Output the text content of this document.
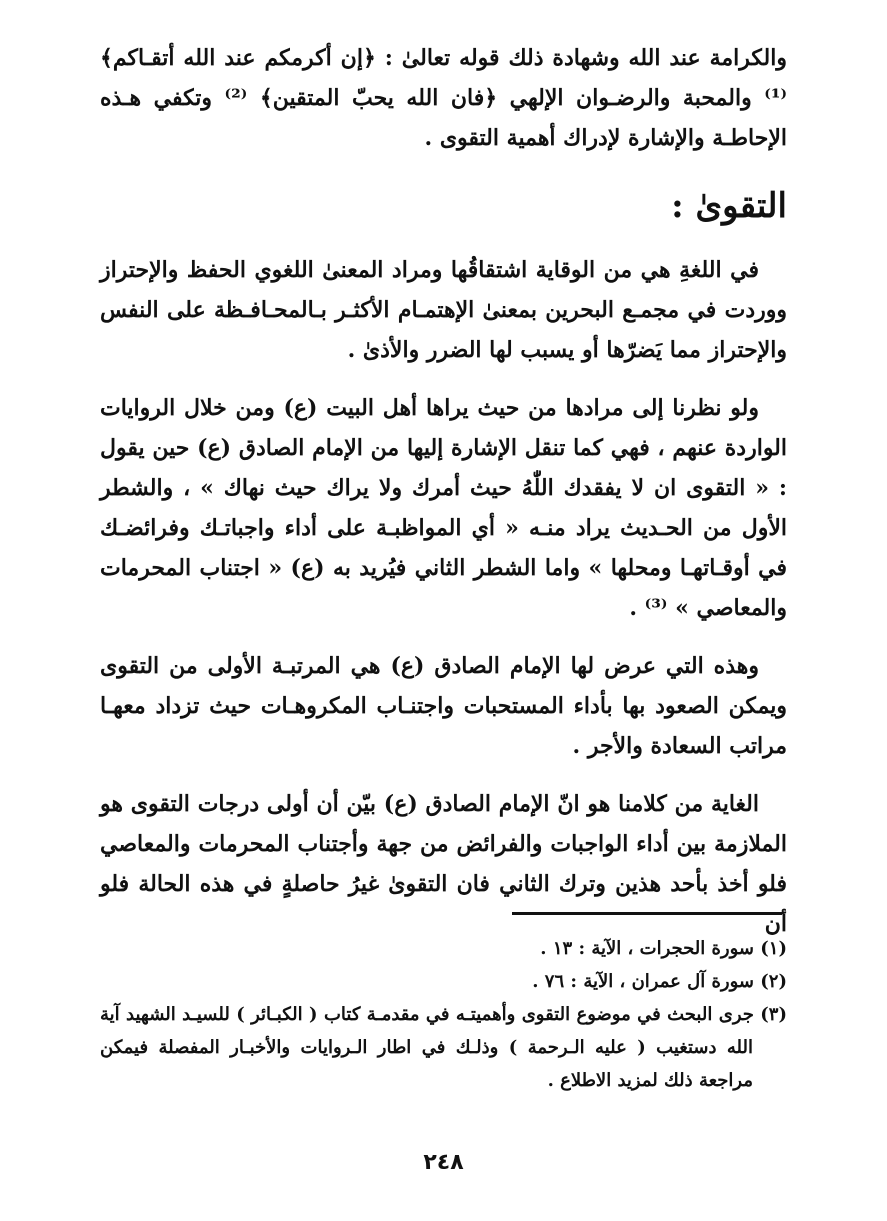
والكرامة عند الله وشهادة ذلك قوله تعالىٰ : ﴿إن أكرمكم عند الله أتقـاكم﴾ ⁽¹⁾ والمحبة والرضـوان الإلهي ﴿فان الله يحبّ المتقين﴾ ⁽²⁾ وتكفي هـذه الإحاطـة والإشارة لإدراك أهمية التقوى .

التقوىٰ :

في اللغةِ هي من الوقاية اشتقاقُها ومراد المعنىٰ اللغوي الحفظ والإحتراز ووردت في مجمـع البحرين بمعنىٰ الإهتمـام الأكثـر بـالمحـافـظة على النفس والإحتراز مما يَضرّها أو يسبب لها الضرر والأذىٰ .

ولو نظرنا إلى مرادها من حيث يراها أهل البيت (ع) ومن خلال الروايات الواردة عنهم ، فهي كما تنقل الإشارة إليها من الإمام الصادق (ع) حين يقول : « التقوى ان لا يفقدك اللّٰهُ حيث أمرك ولا يراك حيث نهاك » ، والشطر الأول من الحـديث يراد منـه « أي المواظبـة على أداء واجباتـك وفرائضـك في أوقـاتهـا ومحلها » واما الشطر الثاني فيُريد به (ع) « اجتناب المحرمات والمعاصي » ⁽³⁾ .

وهذه التي عرض لها الإمام الصادق (ع) هي المرتبـة الأولى من التقوى ويمكن الصعود بها بأداء المستحبات واجتنـاب المكروهـات حيث تزداد معهـا مراتب السعادة والأجر .

الغاية من كلامنا هو انّ الإمام الصادق (ع) بيّن أن أولى درجات التقوى هو الملازمة بين أداء الواجبات والفرائض من جهة وأجتناب المحرمات والمعاصي فلو أخذ بأحد هذين وترك الثاني فان التقوىٰ غيرُ حاصلةٍ في هذه الحالة فلو أن

(١) سورة الحجرات ، الآية : ١٣ .

(٢) سورة آل عمران ، الآية : ٧٦ .

(٣) جرى البحث في موضوع التقوى وأهميتـه في مقدمـة كتاب ( الكبـائر ) للسيـد الشهيد آية الله دستغيب ( عليه الـرحمة ) وذلـك في اطار الـروايات والأخبـار المفصلة فيمكن مراجعة ذلك لمزيد الاطلاع .

٢٤٨
